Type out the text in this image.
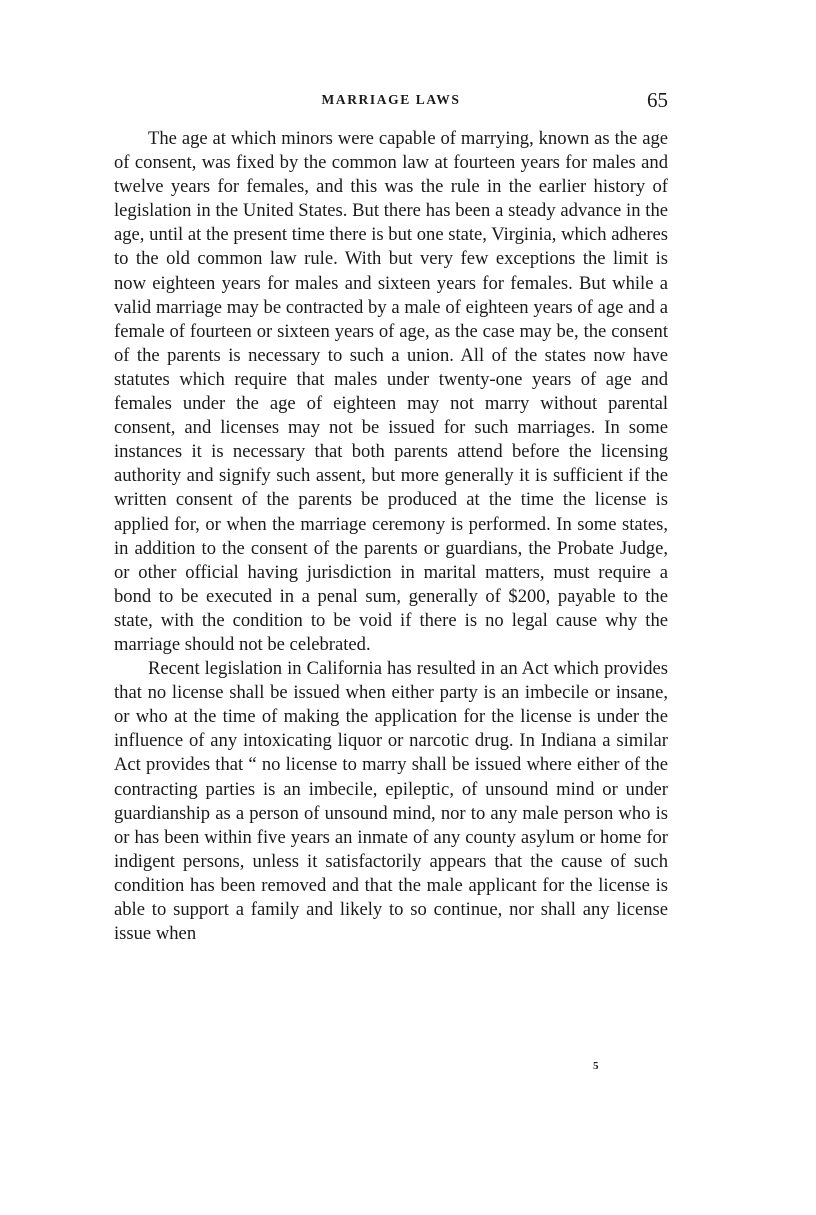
MARRIAGE LAWS	65

The age at which minors were capable of marrying, known as the age of consent, was fixed by the common law at fourteen years for males and twelve years for females, and this was the rule in the earlier history of legislation in the United States. But there has been a steady advance in the age, until at the present time there is but one state, Virginia, which adheres to the old common law rule. With but very few exceptions the limit is now eighteen years for males and sixteen years for females. But while a valid marriage may be contracted by a male of eighteen years of age and a female of fourteen or sixteen years of age, as the case may be, the consent of the parents is necessary to such a union. All of the states now have statutes which require that males under twenty-one years of age and females under the age of eighteen may not marry without parental consent, and licenses may not be issued for such marriages. In some instances it is necessary that both parents attend before the licensing authority and signify such assent, but more generally it is sufficient if the written consent of the parents be produced at the time the license is applied for, or when the marriage ceremony is performed. In some states, in addition to the consent of the parents or guardians, the Probate Judge, or other official having jurisdiction in marital matters, must require a bond to be executed in a penal sum, generally of $200, payable to the state, with the condition to be void if there is no legal cause why the marriage should not be celebrated.

Recent legislation in California has resulted in an Act which provides that no license shall be issued when either party is an imbecile or insane, or who at the time of making the application for the license is under the influence of any intoxicating liquor or narcotic drug. In Indiana a similar Act provides that “ no license to marry shall be issued where either of the contracting parties is an imbecile, epileptic, of unsound mind or under guardianship as a person of unsound mind, nor to any male person who is or has been within five years an inmate of any county asylum or home for indigent persons, unless it satisfactorily appears that the cause of such condition has been removed and that the male applicant for the license is able to support a family and likely to so continue, nor shall any license issue when

5
